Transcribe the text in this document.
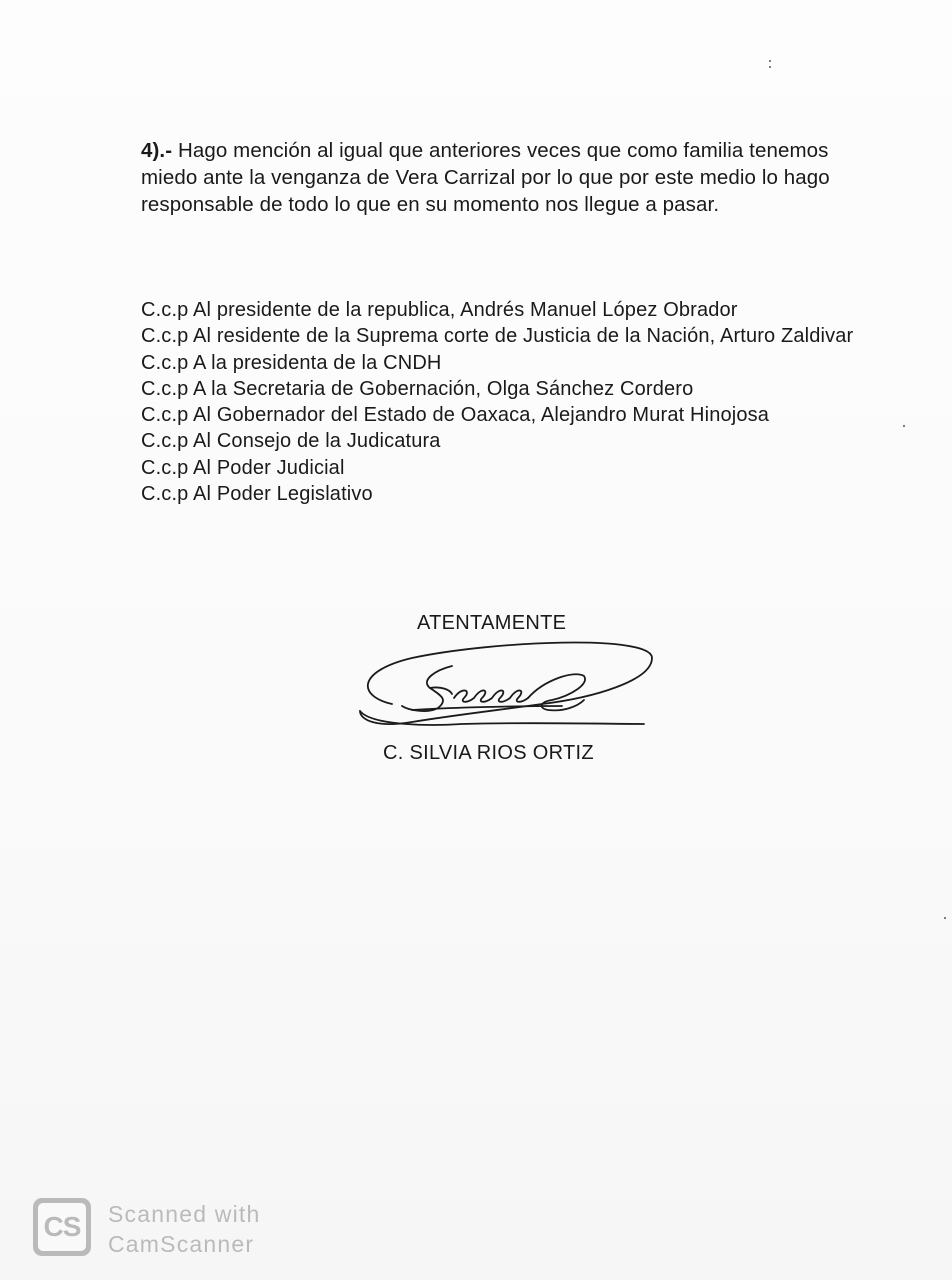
4).- Hago mención al igual que anteriores veces que como familia tenemos miedo ante la venganza de Vera Carrizal por lo que por este medio lo hago responsable de todo lo que en su momento nos llegue a pasar.

C.c.p Al presidente de la republica, Andrés Manuel López Obrador
C.c.p Al residente de la Suprema corte de Justicia de la Nación, Arturo Zaldivar
C.c.p A la presidenta de la CNDH
C.c.p A la Secretaria de Gobernación, Olga Sánchez Cordero
C.c.p Al Gobernador del Estado de Oaxaca, Alejandro Murat Hinojosa
C.c.p Al Consejo de la Judicatura
C.c.p Al Poder Judicial
C.c.p Al Poder Legislativo
ATENTAMENTE
C. SILVIA RIOS ORTIZ
CS	Scanned with
CamScanner
